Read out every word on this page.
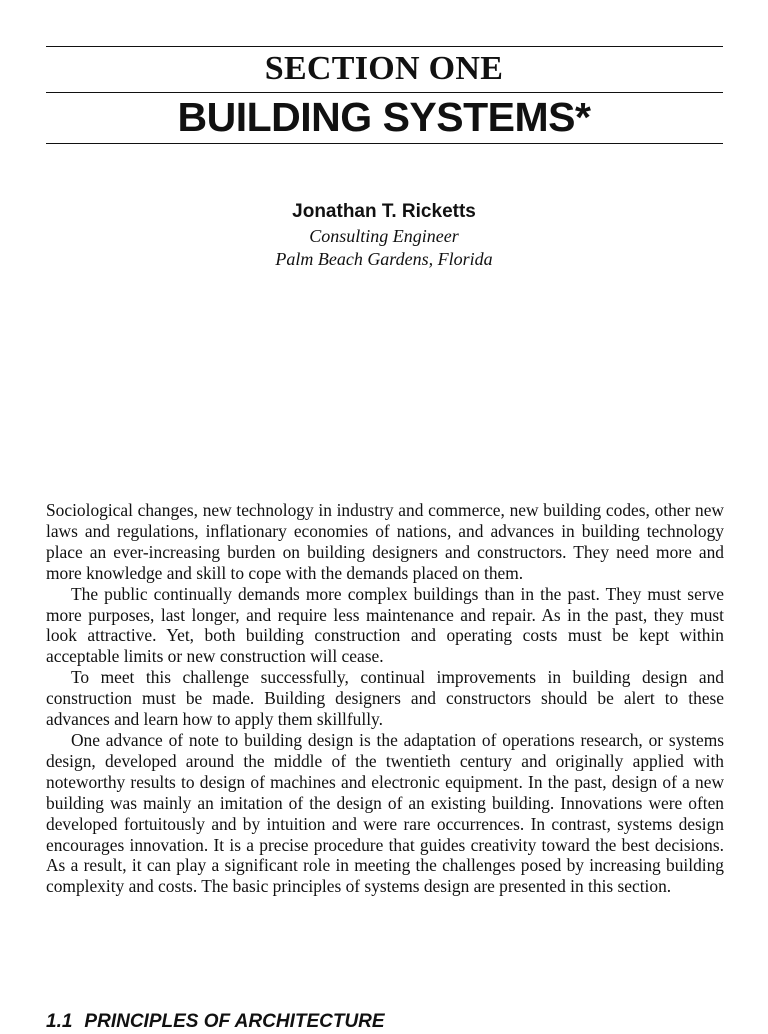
SECTION ONE
BUILDING SYSTEMS*
Jonathan T. Ricketts
Consulting Engineer
Palm Beach Gardens, Florida

Sociological changes, new technology in industry and commerce, new building codes, other new laws and regulations, inflationary economies of nations, and advances in building technology place an ever-increasing burden on building designers and constructors. They need more and more knowledge and skill to cope with the demands placed on them.

The public continually demands more complex buildings than in the past. They must serve more purposes, last longer, and require less maintenance and repair. As in the past, they must look attractive. Yet, both building construction and operating costs must be kept within acceptable limits or new construction will cease.

To meet this challenge successfully, continual improvements in building design and construction must be made. Building designers and constructors should be alert to these advances and learn how to apply them skillfully.

One advance of note to building design is the adaptation of operations research, or systems design, developed around the middle of the twentieth century and originally applied with noteworthy results to design of machines and electronic equipment. In the past, design of a new building was mainly an imitation of the design of an existing building. Innovations were often developed fortuitously and by intuition and were rare occurrences. In contrast, systems design encourages innovation. It is a precise procedure that guides creativity toward the best decisions. As a result, it can play a significant role in meeting the challenges posed by increasing building complexity and costs. The basic principles of systems design are presented in this section.

1.1 PRINCIPLES OF ARCHITECTURE
